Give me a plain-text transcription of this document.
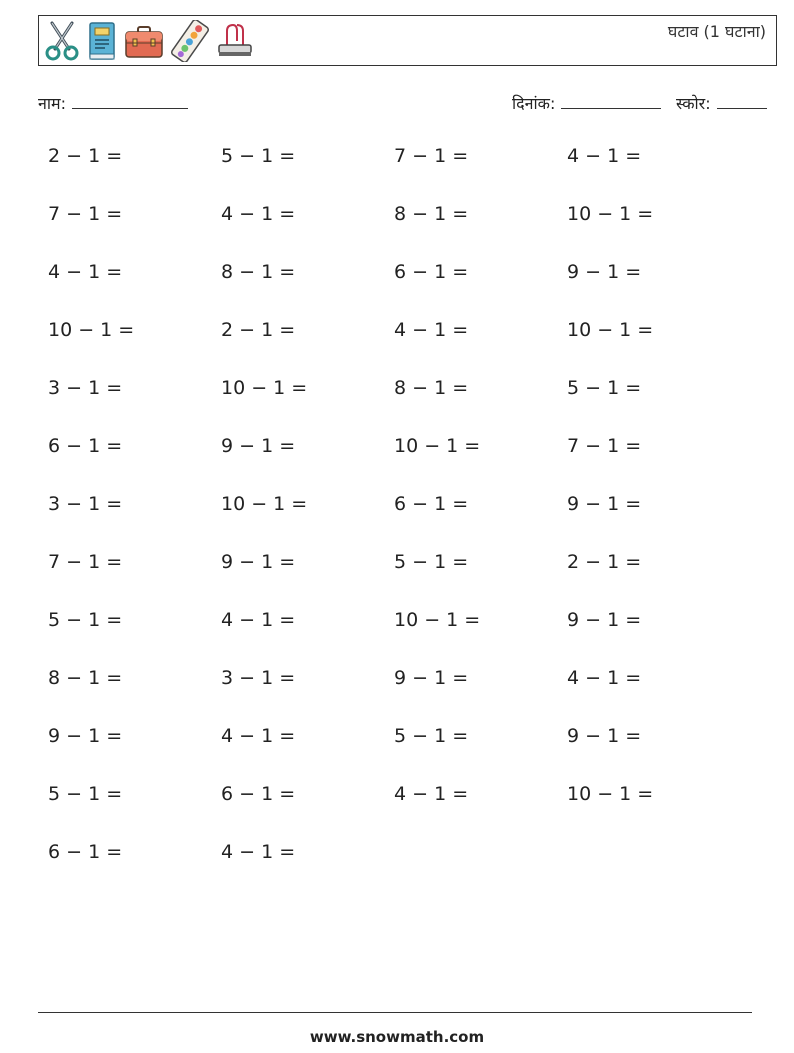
घटाव (1 घटाना)
नाम:	दिनांक:	स्कोर:
2 − 1 =	5 − 1 =	7 − 1 =	4 − 1 =
7 − 1 =	4 − 1 =	8 − 1 =	10 − 1 =
4 − 1 =	8 − 1 =	6 − 1 =	9 − 1 =
10 − 1 =	2 − 1 =	4 − 1 =	10 − 1 =
3 − 1 =	10 − 1 =	8 − 1 =	5 − 1 =
6 − 1 =	9 − 1 =	10 − 1 =	7 − 1 =
3 − 1 =	10 − 1 =	6 − 1 =	9 − 1 =
7 − 1 =	9 − 1 =	5 − 1 =	2 − 1 =
5 − 1 =	4 − 1 =	10 − 1 =	9 − 1 =
8 − 1 =	3 − 1 =	9 − 1 =	4 − 1 =
9 − 1 =	4 − 1 =	5 − 1 =	9 − 1 =
5 − 1 =	6 − 1 =	4 − 1 =	10 − 1 =
6 − 1 =	4 − 1 =
www.snowmath.com
